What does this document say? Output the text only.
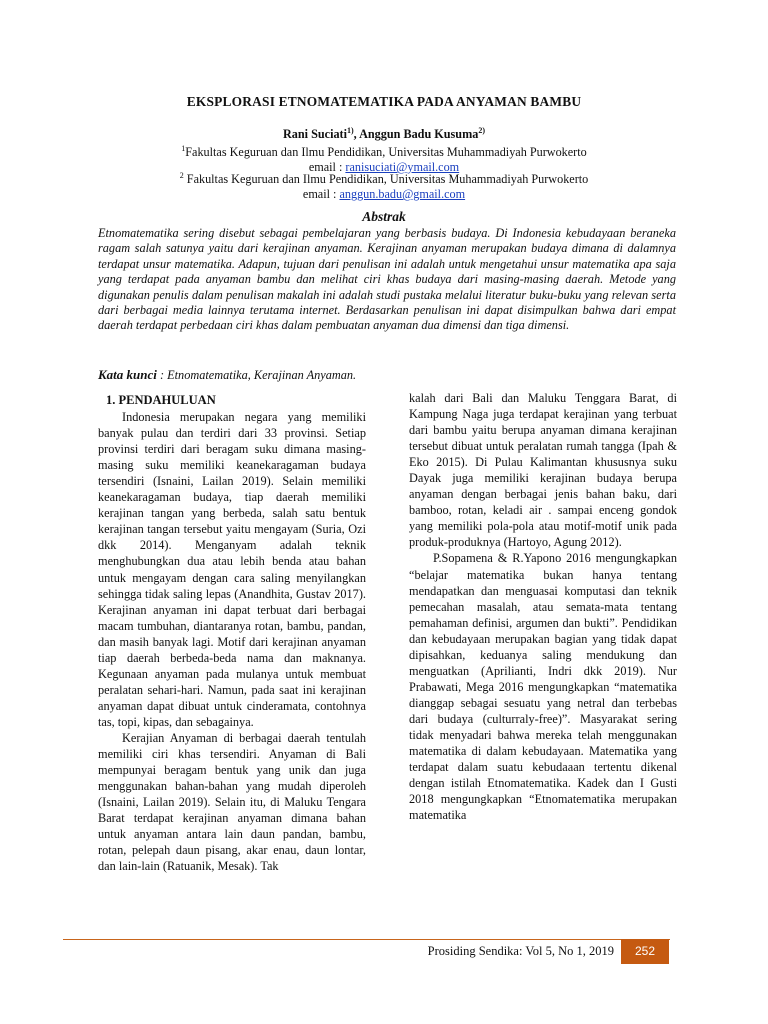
EKSPLORASI ETNOMATEMATIKA PADA ANYAMAN BAMBU
Rani Suciati$^{1)}$, Anggun Badu Kusuma$^{2)}$
$^1$Fakultas Keguruan dan Ilmu Pendidikan, Universitas Muhammadiyah Purwokerto
email : ranisuciati@ymail.com
$^2$ Fakultas Keguruan dan Ilmu Pendidikan, Universitas Muhammadiyah Purwokerto
email : anggun.badu@gmail.com
Abstrak

Etnomatematika sering disebut sebagai pembelajaran yang berbasis budaya. Di Indonesia kebudayaan beraneka ragam salah satunya yaitu dari kerajinan anyaman. Kerajinan anyaman merupakan budaya dimana di dalamnya terdapat unsur matematika. Adapun, tujuan dari penulisan ini adalah untuk mengetahui unsur matematika apa saja yang terdapat pada anyaman bambu dan melihat ciri khas budaya dari masing-masing daerah. Metode yang digunakan penulis dalam penulisan makalah ini adalah studi pustaka melalui literatur buku-buku yang relevan serta dari berbagai media lainnya terutama internet. Berdasarkan penulisan ini dapat disimpulkan bahwa dari empat daerah terdapat perbedaan ciri khas dalam pembuatan anyaman dua dimensi dan tiga dimensi.

Kata kunci : Etnomatematika, Kerajinan Anyaman.

1. PENDAHULUAN

Indonesia merupakan negara yang memiliki banyak pulau dan terdiri dari 33 provinsi. Setiap provinsi terdiri dari beragam suku dimana masing-masing suku memiliki keanekaragaman budaya tersendiri (Isnaini, Lailan 2019). Selain memiliki keanekaragaman budaya, tiap daerah memiliki kerajinan tangan yang berbeda, salah satu bentuk kerajinan tangan tersebut yaitu mengayam (Suria, Ozi dkk 2014). Menganyam adalah teknik menghubungkan dua atau lebih benda atau bahan untuk mengayam dengan cara saling menyilangkan sehingga tidak saling lepas (Anandhita, Gustav 2017). Kerajinan anyaman ini dapat terbuat dari berbagai macam tumbuhan, diantaranya rotan, bambu, pandan, dan masih banyak lagi. Motif dari kerajinan anyaman tiap daerah berbeda-beda nama dan maknanya. Kegunaan anyaman pada mulanya untuk membuat peralatan sehari-hari. Namun, pada saat ini kerajinan anyaman dapat dibuat untuk cinderamata, contohnya tas, topi, kipas, dan sebagainya.

Kerajian Anyaman di berbagai daerah tentulah memiliki ciri khas tersendiri. Anyaman di Bali mempunyai beragam bentuk yang unik dan juga menggunakan bahan-bahan yang mudah diperoleh (Isnaini, Lailan 2019). Selain itu, di Maluku Tengara Barat terdapat kerajinan anyaman dimana bahan untuk anyaman antara lain daun pandan, bambu, rotan, pelepah daun pisang, akar enau, daun lontar, dan lain-lain (Ratuanik, Mesak). Tak

kalah dari Bali dan Maluku Tenggara Barat, di Kampung Naga juga terdapat kerajinan yang terbuat dari bambu yaitu berupa anyaman dimana kerajinan tersebut dibuat untuk peralatan rumah tangga (Ipah & Eko 2015). Di Pulau Kalimantan khususnya suku Dayak juga memiliki kerajinan budaya berupa anyaman dengan berbagai jenis bahan baku, dari bamboo, rotan, keladi air . sampai enceng gondok yang memiliki pola-pola atau motif-motif unik pada produk-produknya (Hartoyo, Agung 2012).

P.Sopamena & R.Yapono 2016 mengungkapkan “belajar matematika bukan hanya tentang mendapatkan dan menguasai komputasi dan teknik pemecahan masalah, atau semata-mata tentang pemahaman definisi, argumen dan bukti”. Pendidikan dan kebudayaan merupakan bagian yang tidak dapat dipisahkan, keduanya saling mendukung dan menguatkan (Aprilianti, Indri dkk 2019). Nur Prabawati, Mega 2016 mengungkapkan “matematika dianggap sebagai sesuatu yang netral dan terbebas dari budaya (culturraly-free)”. Masyarakat sering tidak menyadari bahwa mereka telah menggunakan matematika di dalam kebudayaan. Matematika yang terdapat dalam suatu kebudaaan tertentu dikenal dengan istilah Etnomatematika. Kadek dan I Gusti 2018 mengungkapkan “Etnomatematika merupakan matematika

Prosiding Sendika: Vol 5, No 1, 2019	252
